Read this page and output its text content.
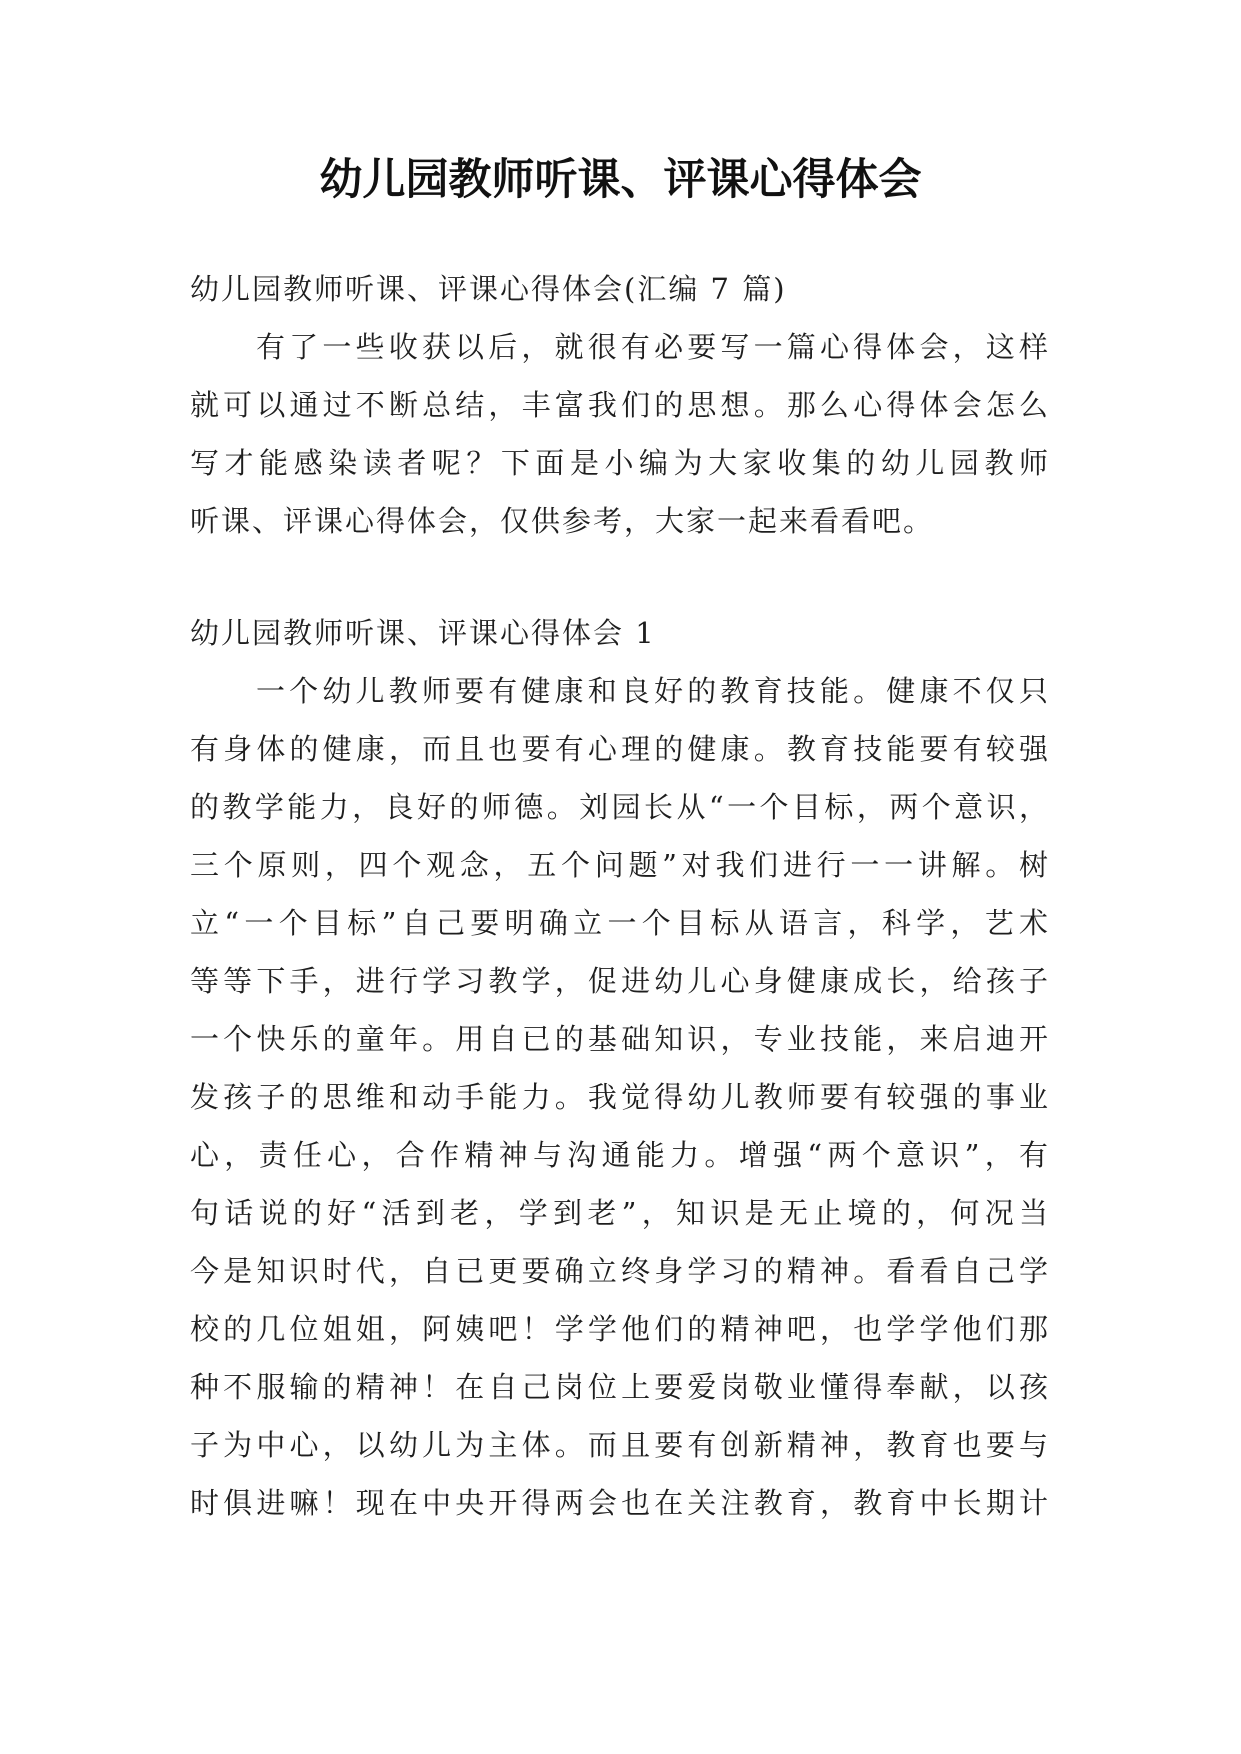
幼儿园教师听课、评课心得体会

幼儿园教师听课、评课心得体会(汇编 7 篇)

有了一些收获以后，就很有必要写一篇心得体会，这样
就可以通过不断总结，丰富我们的思想。那么心得体会怎么
写才能感染读者呢？下面是小编为大家收集的幼儿园教师
听课、评课心得体会，仅供参考，大家一起来看看吧。

幼儿园教师听课、评课心得体会 1

一个幼儿教师要有健康和良好的教育技能。健康不仅只
有身体的健康，而且也要有心理的健康。教育技能要有较强
的教学能力，良好的师德。刘园长从“一个目标，两个意识，
三个原则，四个观念，五个问题”对我们进行一一讲解。树
立“一个目标”自己要明确立一个目标从语言，科学，艺术
等等下手，进行学习教学，促进幼儿心身健康成长，给孩子
一个快乐的童年。用自已的基础知识，专业技能，来启迪开
发孩子的思维和动手能力。我觉得幼儿教师要有较强的事业
心，责任心，合作精神与沟通能力。增强“两个意识”，有
句话说的好“活到老，学到老”，知识是无止境的，何况当
今是知识时代，自已更要确立终身学习的精神。看看自己学
校的几位姐姐，阿姨吧！学学他们的精神吧，也学学他们那
种不服输的精神！在自己岗位上要爱岗敬业懂得奉献，以孩
子为中心，以幼儿为主体。而且要有创新精神，教育也要与
时俱进嘛！现在中央开得两会也在关注教育，教育中长期计
